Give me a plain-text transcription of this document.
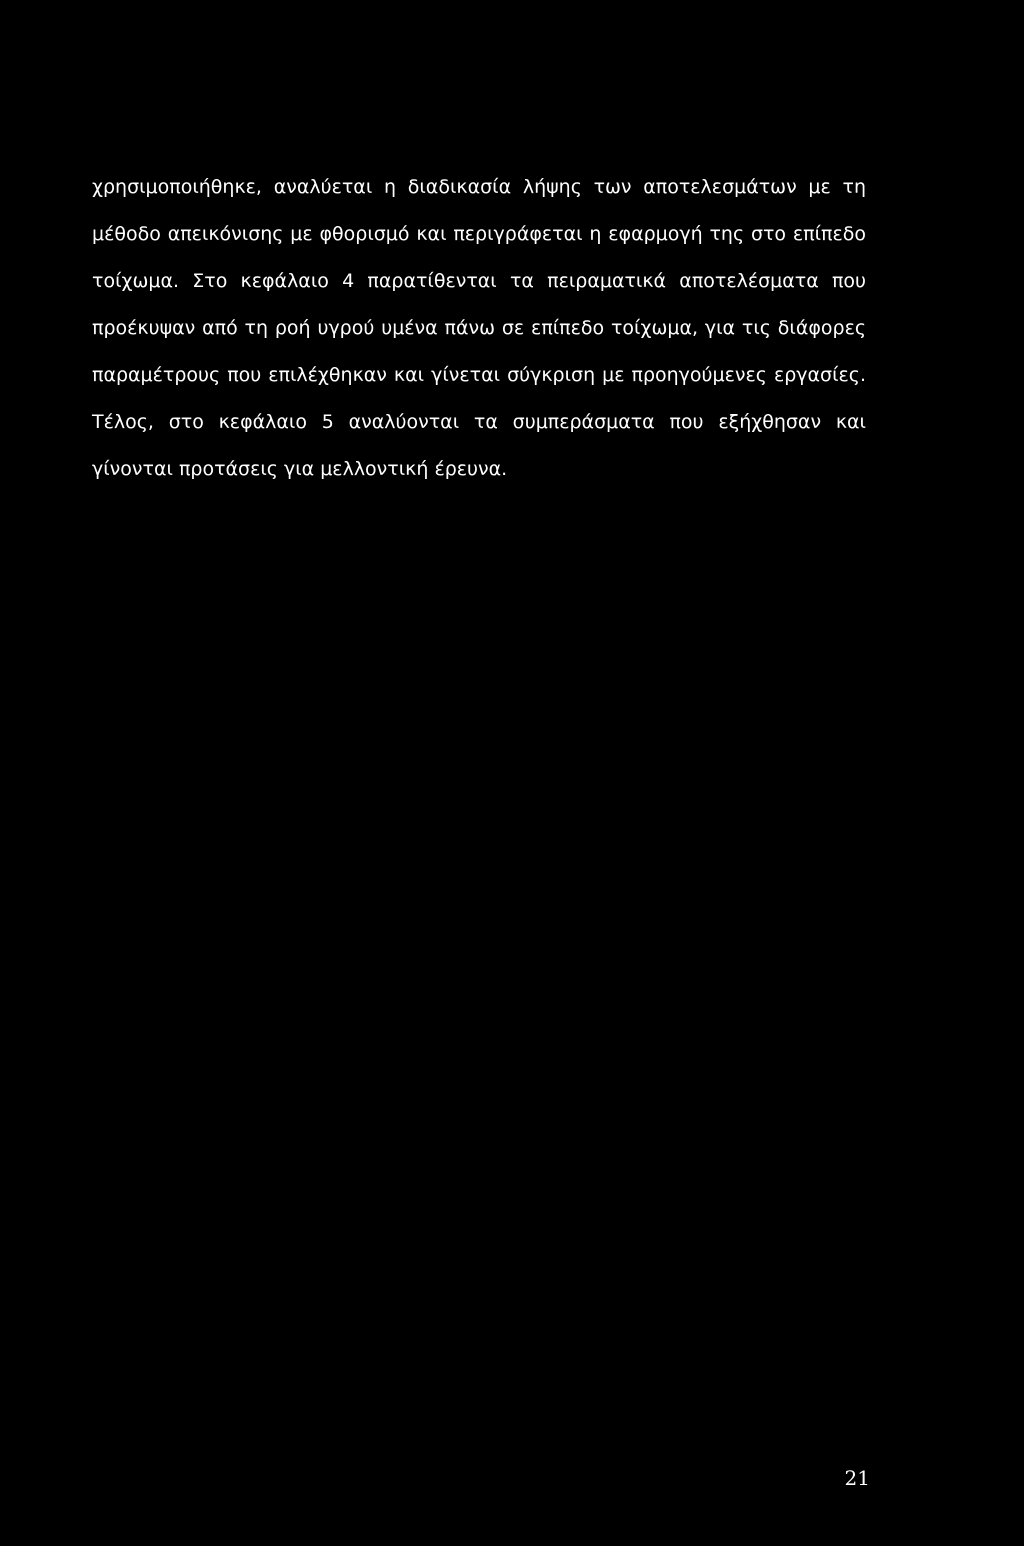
χρησιμοποιήθηκε, αναλύεται η διαδικασία λήψης των αποτελεσμάτων με τη
μέθοδο απεικόνισης με φθορισμό και περιγράφεται η εφαρμογή της στο επίπεδο
τοίχωμα. Στο κεφάλαιο 4 παρατίθενται τα πειραματικά αποτελέσματα που
προέκυψαν από τη ροή υγρού υμένα πάνω σε επίπεδο τοίχωμα, για τις διάφορες
παραμέτρους που επιλέχθηκαν και γίνεται σύγκριση με προηγούμενες εργασίες.
Τέλος, στο κεφάλαιο 5 αναλύονται τα συμπεράσματα που εξήχθησαν και
γίνονται προτάσεις για μελλοντική έρευνα.
21
